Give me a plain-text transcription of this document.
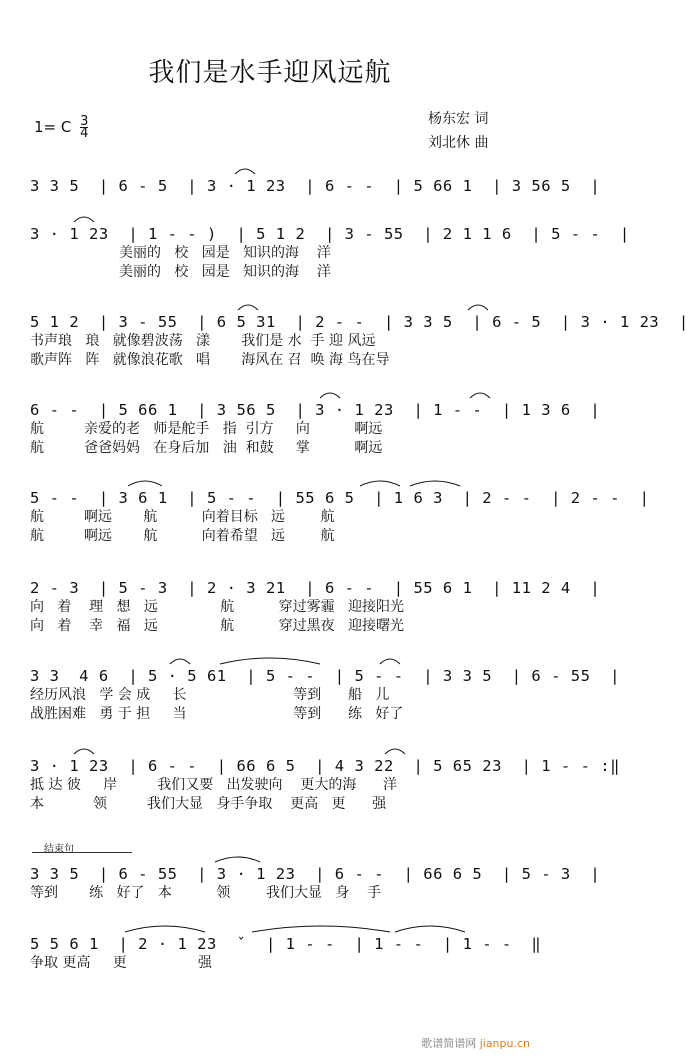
我们是水手迎风远航
1= C $\frac{3}{4}$	杨东宏 词
刘北休 曲
3 3 5  | 6 - 5  | 3 · 1 23  | 6 - -  | 5 66 1  | 3 56 5  |
3 · 1 23  | 1 - - )  | 5 1 2  | 3 - 55  | 2 1 1 6  | 5 - -  |
美丽的   校   园是   知识的海    洋
美丽的   校   园是   知识的海    洋
5 1 2  | 3 - 55  | 6 5 31  | 2 - -  | 3 3 5  | 6 - 5  | 3 · 1 23  |
书声琅   琅   就像碧波荡   漾       我们是 水  手 迎 风远
歌声阵   阵   就像浪花歌   唱       海风在 召  唤 海 鸟在导
6 - -  | 5 66 1  | 3 56 5  | 3 · 1 23  | 1 - -  | 1 3 6  |
航         亲爱的老   师是舵手   指  引方     向          啊远
航         爸爸妈妈   在身后加   油  和鼓     掌          啊远
5 - -  | 3 6 1  | 5 - -  | 55 6 5  | 1 6 3  | 2 - -  | 2 - -  |
航         啊远       航          向着目标   远        航
航         啊远       航          向着希望   远        航
2 - 3  | 5 - 3  | 2 · 3 21  | 6 - -  | 55 6 1  | 11 2 4  |
向   着    理   想   远              航          穿过雾霾   迎接阳光
向   着    幸   福   远              航          穿过黑夜   迎接曙光
3 3  4 6  | 5 · 5 61  | 5 - -  | 5 - -  | 3 3 5  | 6 - 55  |
经历风浪   学 会 成     长                        等到      船   儿
战胜困难   勇 于 担     当                        等到      练   好了
3 · 1 23  | 6 - -  | 66 6 5  | 4 3 22  | 5 65 23  | 1 - - :‖
抵 达 彼     岸         我们又要   出发驶向    更大的海      洋
本           领         我们大显   身手争取    更高   更      强
结束句
3 3 5  | 6 - 55  | 3 · 1 23  | 6 - -  | 66 6 5  | 5 - 3  |
等到       练   好了   本          领        我们大显   身    手
5 5 6 1  | 2 · 1 23  ˇ  | 1 - -  | 1 - -  | 1 - -  ‖
争取 更高     更                强
歌谱简谱网 jianpu.cn
